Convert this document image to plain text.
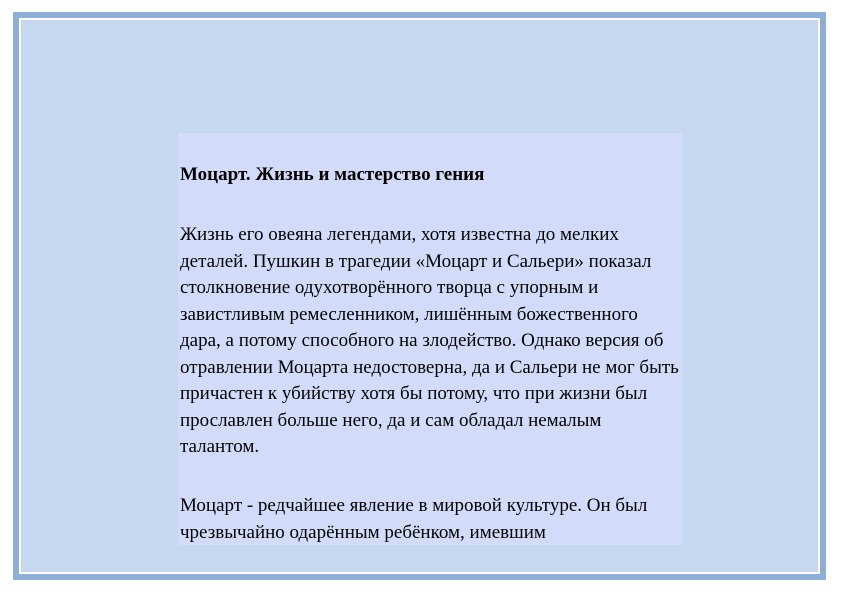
Моцарт. Жизнь и мастерство гения

Жизнь его овеяна легендами, хотя известна до мелких деталей. Пушкин в трагедии «Моцарт и Сальери» показал столкновение одухотворённого творца с упорным и завистливым ремесленником, лишённым божественного дара, а потому способного на злодейство. Однако версия об отравлении Моцарта недостоверна, да и Сальери не мог быть причастен к убийству хотя бы потому, что при жизни был прославлен больше него, да и сам обладал немалым талантом.

Моцарт - редчайшее явление в мировой культуре. Он был чрезвычайно одарённым ребёнком, имевшим
